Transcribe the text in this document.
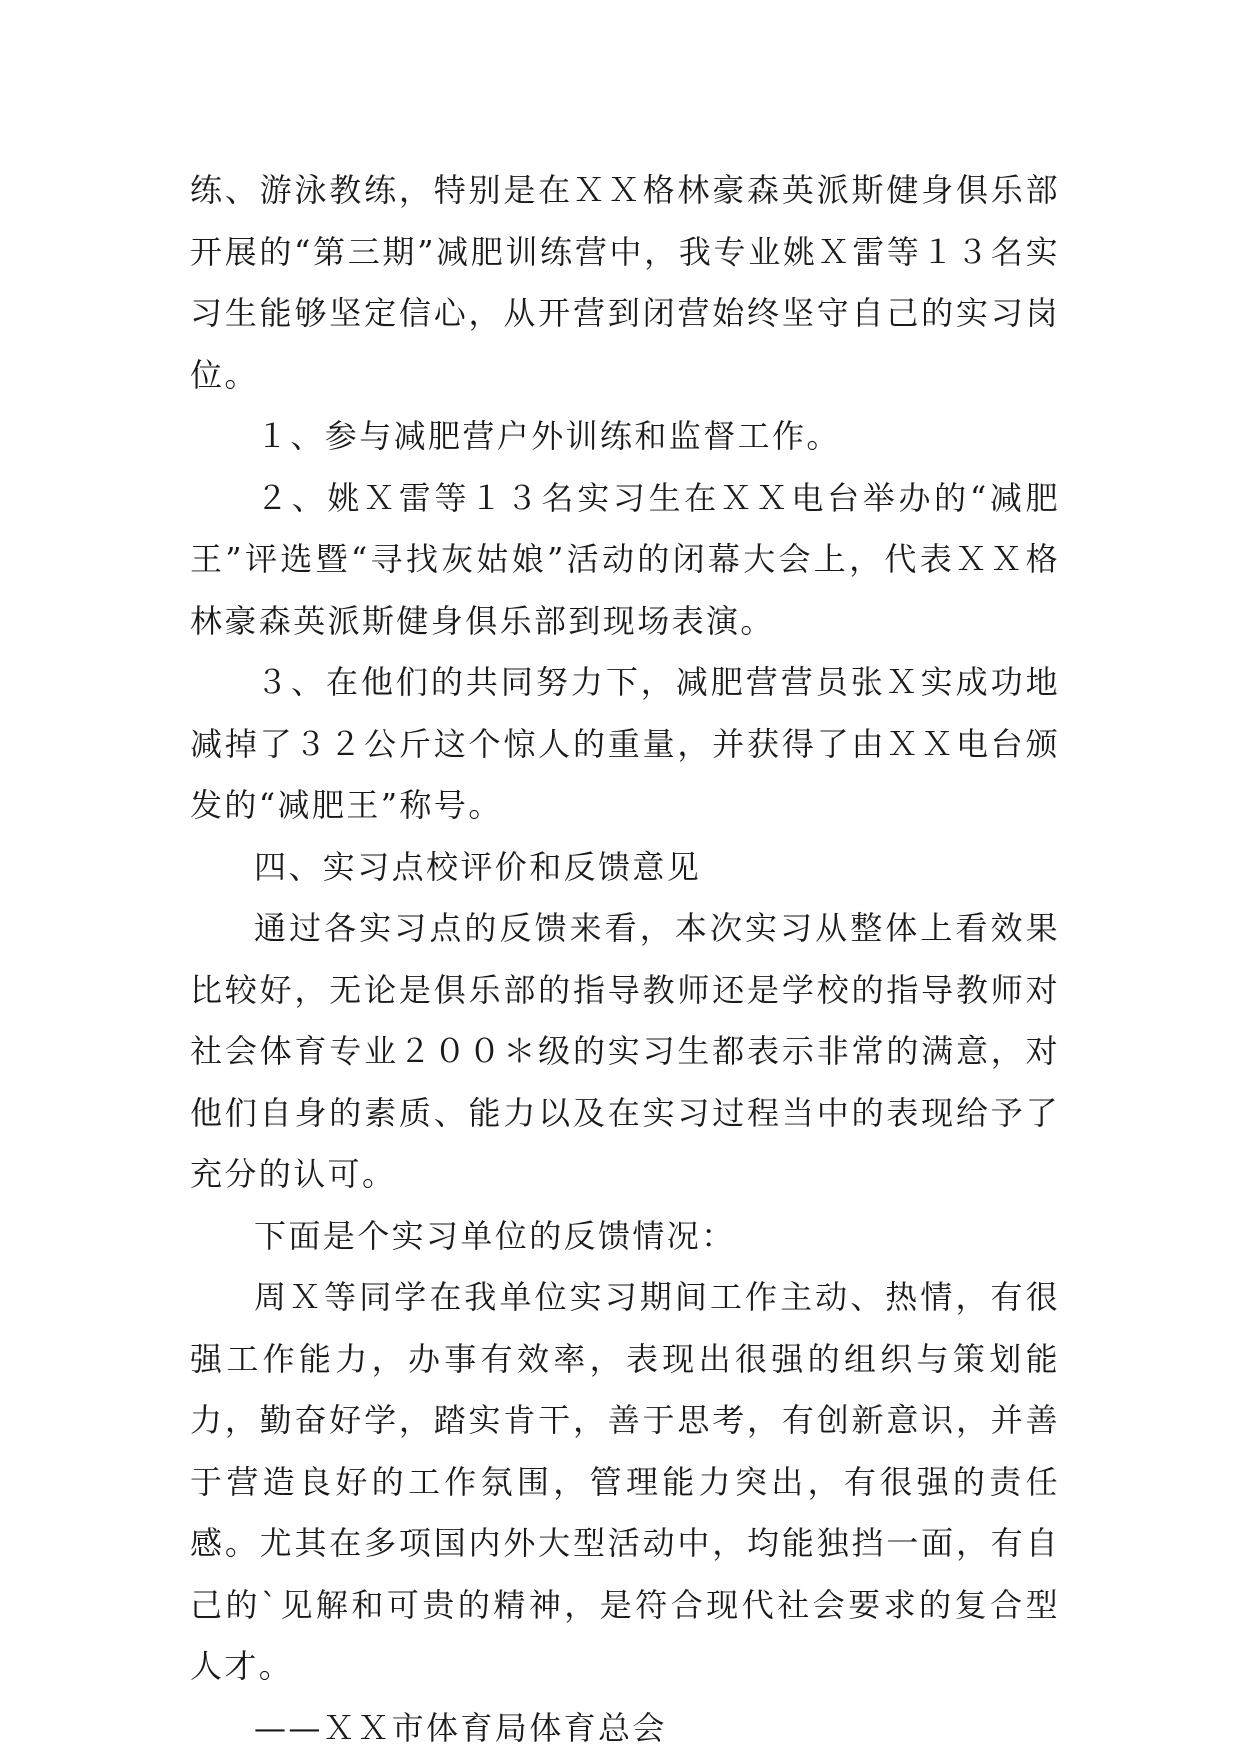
练、游泳教练，特别是在ＸＸ格林豪森英派斯健身俱乐部开展的“第三期”减肥训练营中，我专业姚Ｘ雷等１３名实习生能够坚定信心，从开营到闭营始终坚守自己的实习岗位。

１、参与减肥营户外训练和监督工作。

２、姚Ｘ雷等１３名实习生在ＸＸ电台举办的“减肥王”评选暨“寻找灰姑娘”活动的闭幕大会上，代表ＸＸ格林豪森英派斯健身俱乐部到现场表演。

３、在他们的共同努力下，减肥营营员张Ｘ实成功地减掉了３２公斤这个惊人的重量，并获得了由ＸＸ电台颁发的“减肥王”称号。

四、实习点校评价和反馈意见

通过各实习点的反馈来看，本次实习从整体上看效果比较好，无论是俱乐部的指导教师还是学校的指导教师对社会体育专业２００＊级的实习生都表示非常的满意，对他们自身的素质、能力以及在实习过程当中的表现给予了充分的认可。

下面是个实习单位的反馈情况：

周Ｘ等同学在我单位实习期间工作主动、热情，有很强工作能力，办事有效率，表现出很强的组织与策划能力，勤奋好学，踏实肯干，善于思考，有创新意识，并善于营造良好的工作氛围，管理能力突出，有很强的责任感。尤其在多项国内外大型活动中，均能独挡一面，有自己的`见解和可贵的精神，是符合现代社会要求的复合型人才。

——ＸＸ市体育局体育总会
